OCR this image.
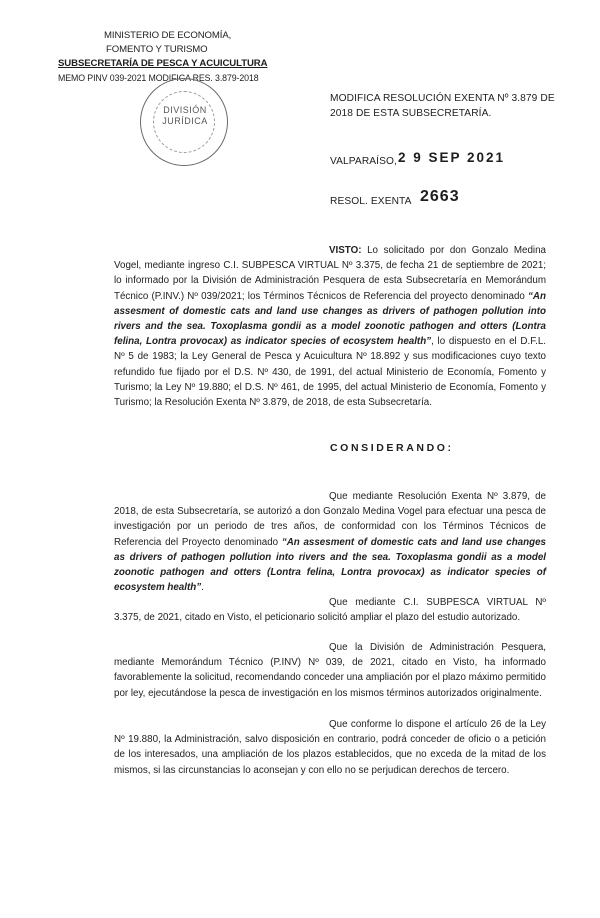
MINISTERIO DE ECONOMÍA,
FOMENTO Y TURISMO
SUBSECRETARÍA DE PESCA Y ACUICULTURA
MEMO PINV 039-2021 MODIFICA RES. 3.879-2018
DIVISIÓN
JURÍDICA
MODIFICA RESOLUCIÓN EXENTA Nº 3.879 DE
2018 DE ESTA SUBSECRETARÍA.
VALPARAÍSO, 2 9 SEP 2021
RESOL. EXENTA 2663
VISTO: Lo solicitado por don Gonzalo Medina Vogel, mediante ingreso C.I. SUBPESCA VIRTUAL Nº 3.375, de fecha 21 de septiembre de 2021; lo informado por la División de Administración Pesquera de esta Subsecretaría en Memorándum Técnico (P.INV.) Nº 039/2021; los Términos Técnicos de Referencia del proyecto denominado “An assesment of domestic cats and land use changes as drivers of pathogen pollution into rivers and the sea. Toxoplasma gondii as a model zoonotic pathogen and otters (Lontra felina, Lontra provocax) as indicator species of ecosystem health”, lo dispuesto en el D.F.L. Nº 5 de 1983; la Ley General de Pesca y Acuicultura Nº 18.892 y sus modificaciones cuyo texto refundido fue fijado por el D.S. Nº 430, de 1991, del actual Ministerio de Economía, Fomento y Turismo; la Ley Nº 19.880; el D.S. Nº 461, de 1995, del actual Ministerio de Economía, Fomento y Turismo; la Resolución Exenta Nº 3.879, de 2018, de esta Subsecretaría.
CONSIDERANDO:
Que mediante Resolución Exenta Nº 3.879, de 2018, de esta Subsecretaría, se autorizó a don Gonzalo Medina Vogel para efectuar una pesca de investigación por un periodo de tres años, de conformidad con los Términos Técnicos de Referencia del Proyecto denominado “An assesment of domestic cats and land use changes as drivers of pathogen pollution into rivers and the sea. Toxoplasma gondii as a model zoonotic pathogen and otters (Lontra felina, Lontra provocax) as indicator species of ecosystem health”.
Que mediante C.I. SUBPESCA VIRTUAL Nº 3.375, de 2021, citado en Visto, el peticionario solicitó ampliar el plazo del estudio autorizado.
Que la División de Administración Pesquera, mediante Memorándum Técnico (P.INV) Nº 039, de 2021, citado en Visto, ha informado favorablemente la solicitud, recomendando conceder una ampliación por el plazo máximo permitido por ley, ejecutándose la pesca de investigación en los mismos términos autorizados originalmente.
Que conforme lo dispone el artículo 26 de la Ley Nº 19.880, la Administración, salvo disposición en contrario, podrá conceder de oficio o a petición de los interesados, una ampliación de los plazos establecidos, que no exceda de la mitad de los mismos, si las circunstancias lo aconsejan y con ello no se perjudican derechos de tercero.
